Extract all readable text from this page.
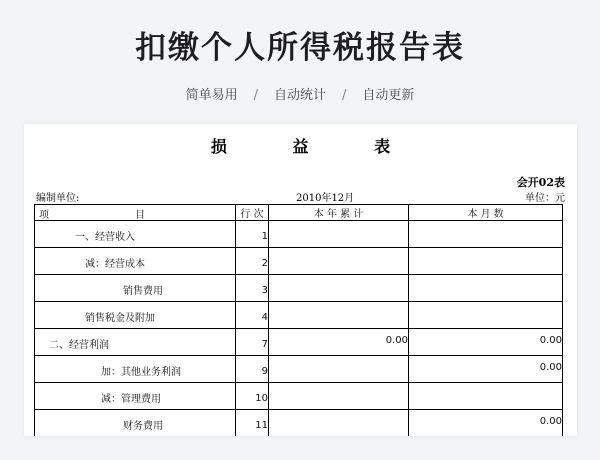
扣缴个人所得税报告表
简单易用 / 自动统计 / 自动更新
损 益 表
会开02表
编制单位:	2010年12月	单位：元
项 目	行 次	本 年 累 计	本 月 数

一、经营收入	1		

减：经营成本	2		

销售费用	3		

销售税金及附加	4		

二、经营利润	7	0.00	0.00

加：其他业务利润	9		0.00

减：管理费用	10		

财务费用	11		0.00
